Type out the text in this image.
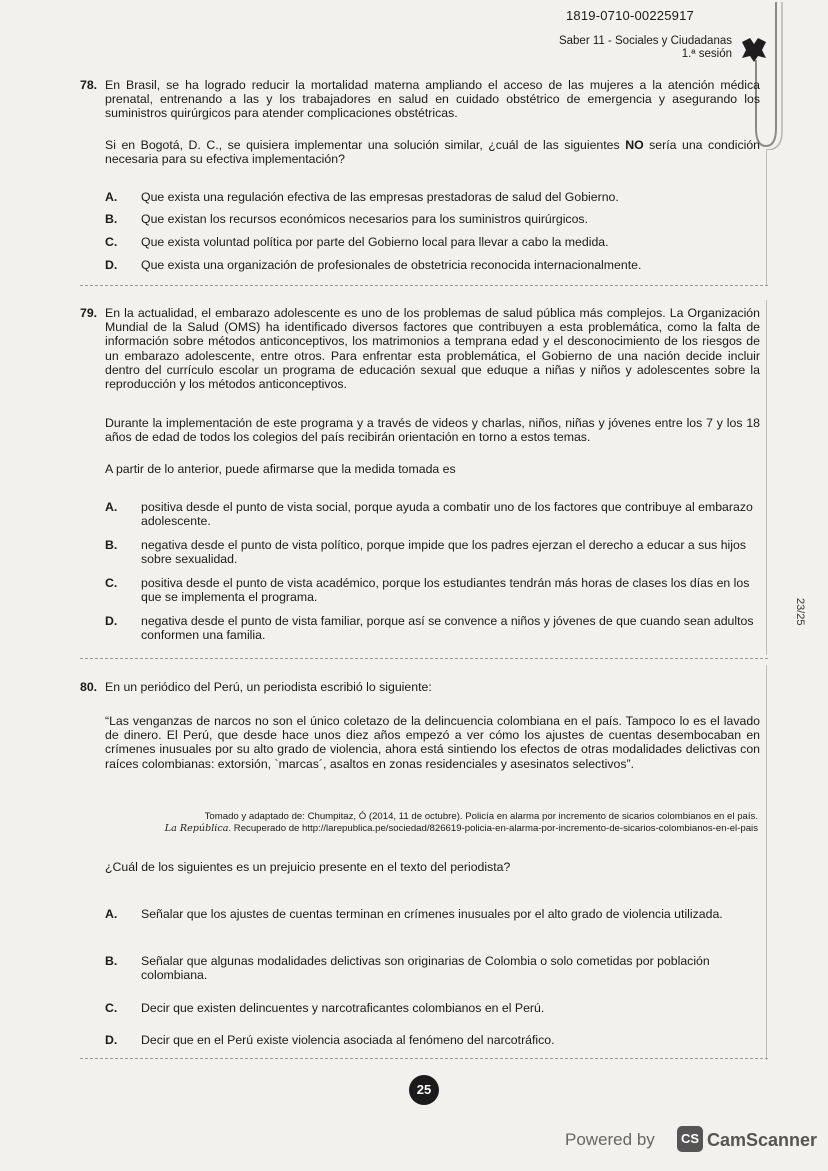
1819-0710-00225917
Saber 11 - Sociales y Ciudadanas
1.ª sesión
23/25
78. En Brasil, se ha logrado reducir la mortalidad materna ampliando el acceso de las mujeres a la atención médica prenatal, entrenando a las y los trabajadores en salud en cuidado obstétrico de emergencia y asegurando los suministros quirúrgicos para atender complicaciones obstétricas.

Si en Bogotá, D. C., se quisiera implementar una solución similar, ¿cuál de las siguientes NO sería una condición necesaria para su efectiva implementación?

A. Que exista una regulación efectiva de las empresas prestadoras de salud del Gobierno.
B. Que existan los recursos económicos necesarios para los suministros quirúrgicos.
C. Que exista voluntad política por parte del Gobierno local para llevar a cabo la medida.
D. Que exista una organización de profesionales de obstetricia reconocida internacionalmente.
79. En la actualidad, el embarazo adolescente es uno de los problemas de salud pública más complejos. La Organización Mundial de la Salud (OMS) ha identificado diversos factores que contribuyen a esta problemática, como la falta de información sobre métodos anticonceptivos, los matrimonios a temprana edad y el desconocimiento de los riesgos de un embarazo adolescente, entre otros. Para enfrentar esta problemática, el Gobierno de una nación decide incluir dentro del currículo escolar un programa de educación sexual que eduque a niñas y niños y adolescentes sobre la reproducción y los métodos anticonceptivos.

Durante la implementación de este programa y a través de videos y charlas, niños, niñas y jóvenes entre los 7 y los 18 años de edad de todos los colegios del país recibirán orientación en torno a estos temas.

A partir de lo anterior, puede afirmarse que la medida tomada es

A. positiva desde el punto de vista social, porque ayuda a combatir uno de los factores que contribuye al embarazo adolescente.
B. negativa desde el punto de vista político, porque impide que los padres ejerzan el derecho a educar a sus hijos sobre sexualidad.
C. positiva desde el punto de vista académico, porque los estudiantes tendrán más horas de clases los días en los que se implementa el programa.
D. negativa desde el punto de vista familiar, porque así se convence a niños y jóvenes de que cuando sean adultos conformen una familia.
80. En un periódico del Perú, un periodista escribió lo siguiente:

“Las venganzas de narcos no son el único coletazo de la delincuencia colombiana en el país. Tampoco lo es el lavado de dinero. El Perú, que desde hace unos diez años empezó a ver cómo los ajustes de cuentas desembocaban en crímenes inusuales por su alto grado de violencia, ahora está sintiendo los efectos de otras modalidades delictivas con raíces colombianas: extorsión, `marcas´, asaltos en zonas residenciales y asesinatos selectivos”.

Tomado y adaptado de: Chumpitaz, Ó (2014, 11 de octubre). Policía en alarma por incremento de sicarios colombianos en el país.
La República. Recuperado de http://larepublica.pe/sociedad/826619-policia-en-alarma-por-incremento-de-sicarios-colombianos-en-el-pais

¿Cuál de los siguientes es un prejuicio presente en el texto del periodista?

A. Señalar que los ajustes de cuentas terminan en crímenes inusuales por el alto grado de violencia utilizada.
B. Señalar que algunas modalidades delictivas son originarias de Colombia o solo cometidas por población colombiana.
C. Decir que existen delincuentes y narcotraficantes colombianos en el Perú.
D. Decir que en el Perú existe violencia asociada al fenómeno del narcotráfico.
25
Powered by	CS CamScanner
